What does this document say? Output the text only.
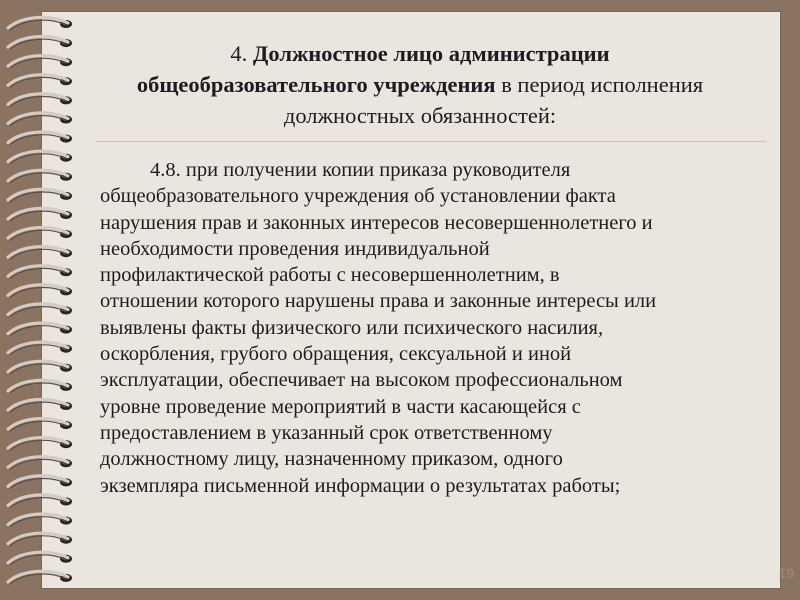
4. Должностное лицо администрации
общеобразовательного учреждения в период исполнения
должностных обязанностей:
4.8. при получении копии приказа руководителя
общеобразовательного учреждения об установлении факта
нарушения прав и законных интересов несовершеннолетнего и
необходимости проведения индивидуальной
профилактической работы с несовершеннолетним, в
отношении которого нарушены права и законные интересы или
выявлены факты физического или психического насилия,
оскорбления, грубого обращения, сексуальной и иной
эксплуатации, обеспечивает на высоком профессиональном
уровне проведение мероприятий в части касающейся с
предоставлением в указанный срок ответственному
должностному лицу, назначенному приказом, одного
экземпляра письменной информации о результатах работы;
19
